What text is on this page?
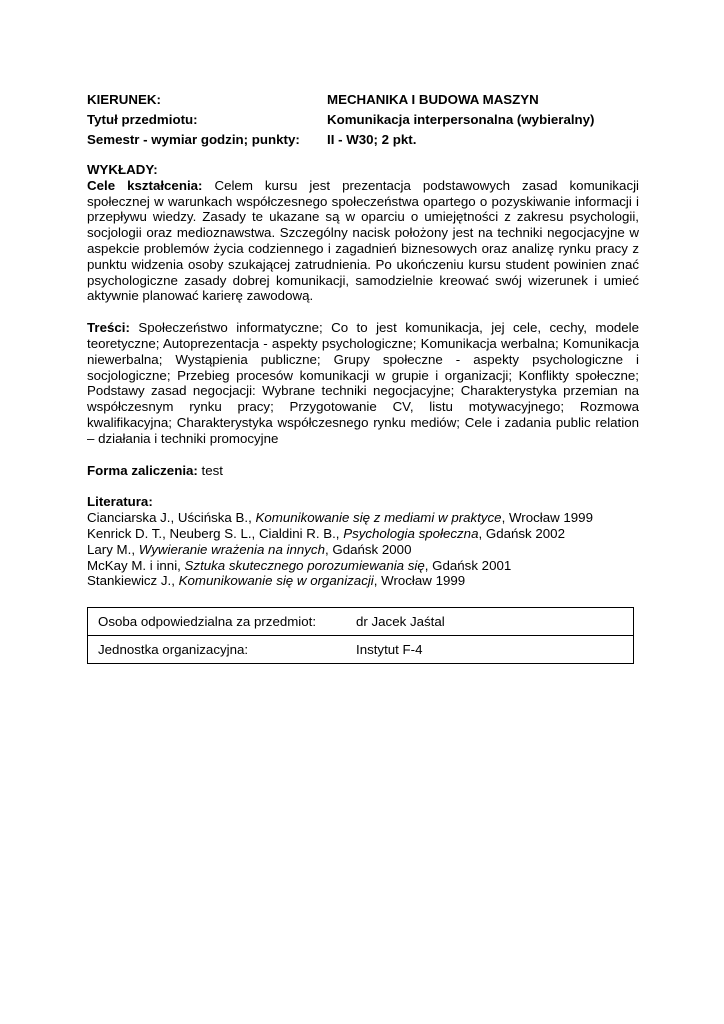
KIERUNEK:	MECHANIKA I BUDOWA MASZYN
Tytuł przedmiotu:	Komunikacja interpersonalna (wybieralny)
Semestr - wymiar godzin; punkty:	II - W30; 2 pkt.
WYKŁADY:
Cele kształcenia: Celem kursu jest prezentacja podstawowych zasad komunikacji społecznej w warunkach współczesnego społeczeństwa opartego o pozyskiwanie informacji i przepływu wiedzy. Zasady te ukazane są w oparciu o umiejętności z zakresu psychologii, socjologii oraz medioznawstwa. Szczególny nacisk położony jest na techniki negocjacyjne w aspekcie problemów życia codziennego i zagadnień biznesowych oraz analizę rynku pracy z punktu widzenia osoby szukającej zatrudnienia. Po ukończeniu kursu student powinien znać psychologiczne zasady dobrej komunikacji, samodzielnie kreować swój wizerunek i umieć aktywnie planować karierę zawodową.
Treści: Społeczeństwo informatyczne; Co to jest komunikacja, jej cele, cechy, modele teoretyczne; Autoprezentacja - aspekty psychologiczne; Komunikacja werbalna; Komunikacja niewerbalna; Wystąpienia publiczne; Grupy społeczne - aspekty psychologiczne i socjologiczne; Przebieg procesów komunikacji w grupie i organizacji; Konflikty społeczne; Podstawy zasad negocjacji: Wybrane techniki negocjacyjne; Charakterystyka przemian na współczesnym rynku pracy; Przygotowanie CV, listu motywacyjnego; Rozmowa kwalifikacyjna; Charakterystyka współczesnego rynku mediów; Cele i zadania public relation – działania i techniki promocyjne
Forma zaliczenia: test
Literatura:
Cianciarska J., Uścińska B., Komunikowanie się z mediami w praktyce, Wrocław 1999
Kenrick D. T., Neuberg S. L., Cialdini R. B., Psychologia społeczna, Gdańsk 2002
Lary M., Wywieranie wrażenia na innych, Gdańsk 2000
McKay M. i inni, Sztuka skutecznego porozumiewania się, Gdańsk 2001
Stankiewicz J., Komunikowanie się w organizacji, Wrocław 1999
Osoba odpowiedzialna za przedmiot:	dr Jacek Jaśtal
Jednostka organizacyjna:	Instytut F-4
